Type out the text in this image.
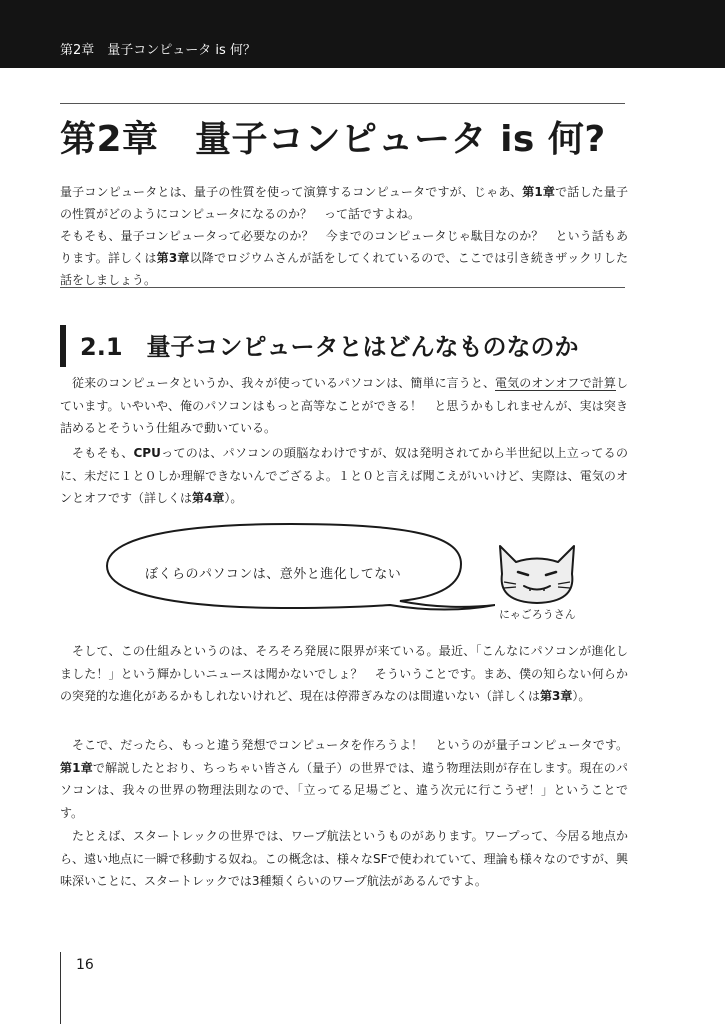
第2章　量子コンピュータ is 何？
第2章　量子コンピュータ is 何?

量子コンピュータとは、量子の性質を使って演算するコンピュータですが、じゃあ、第1章で話した量子の性質がどのようにコンピュータになるのか？　って話ですよね。
そもそも、量子コンピュータって必要なのか？　今までのコンピュータじゃ駄目なのか？　という話もあります。詳しくは第3章以降でロジウムさんが話をしてくれているので、ここでは引き続きザックリした話をしましょう。

2.1　量子コンピュータとはどんなものなのか

従来のコンピュータというか、我々が使っているパソコンは、簡単に言うと、電気のオンオフで計算しています。いやいや、俺のパソコンはもっと高等なことができる！　と思うかもしれませんが、実は突き詰めるとそういう仕組みで動いている。

そもそも、CPUってのは、パソコンの頭脳なわけですが、奴は発明されてから半世紀以上立ってるのに、未だに１と０しか理解できないんでござるよ。１と０と言えば聞こえがいいけど、実際は、電気のオンとオフです（詳しくは第4章）。

ぼくらのパソコンは、意外と進化してない
にゃごろうさん

そして、この仕組みというのは、そろそろ発展に限界が来ている。最近、「こんなにパソコンが進化しました！」という輝かしいニュースは聞かないでしょ？　そういうことです。まあ、僕の知らない何らかの突発的な進化があるかもしれないけれど、現在は停滞ぎみなのは間違いない（詳しくは第3章）。

そこで、だったら、もっと違う発想でコンピュータを作ろうよ！　というのが量子コンピュータです。第1章で解説したとおり、ちっちゃい皆さん（量子）の世界では、違う物理法則が存在します。現在のパソコンは、我々の世界の物理法則なので、「立ってる足場ごと、違う次元に行こうぜ！」ということです。

たとえば、スタートレックの世界では、ワープ航法というものがあります。ワープって、今居る地点から、遠い地点に一瞬で移動する奴ね。この概念は、様々なSFで使われていて、理論も様々なのですが、興味深いことに、スタートレックでは3種類くらいのワープ航法があるんですよ。

16
